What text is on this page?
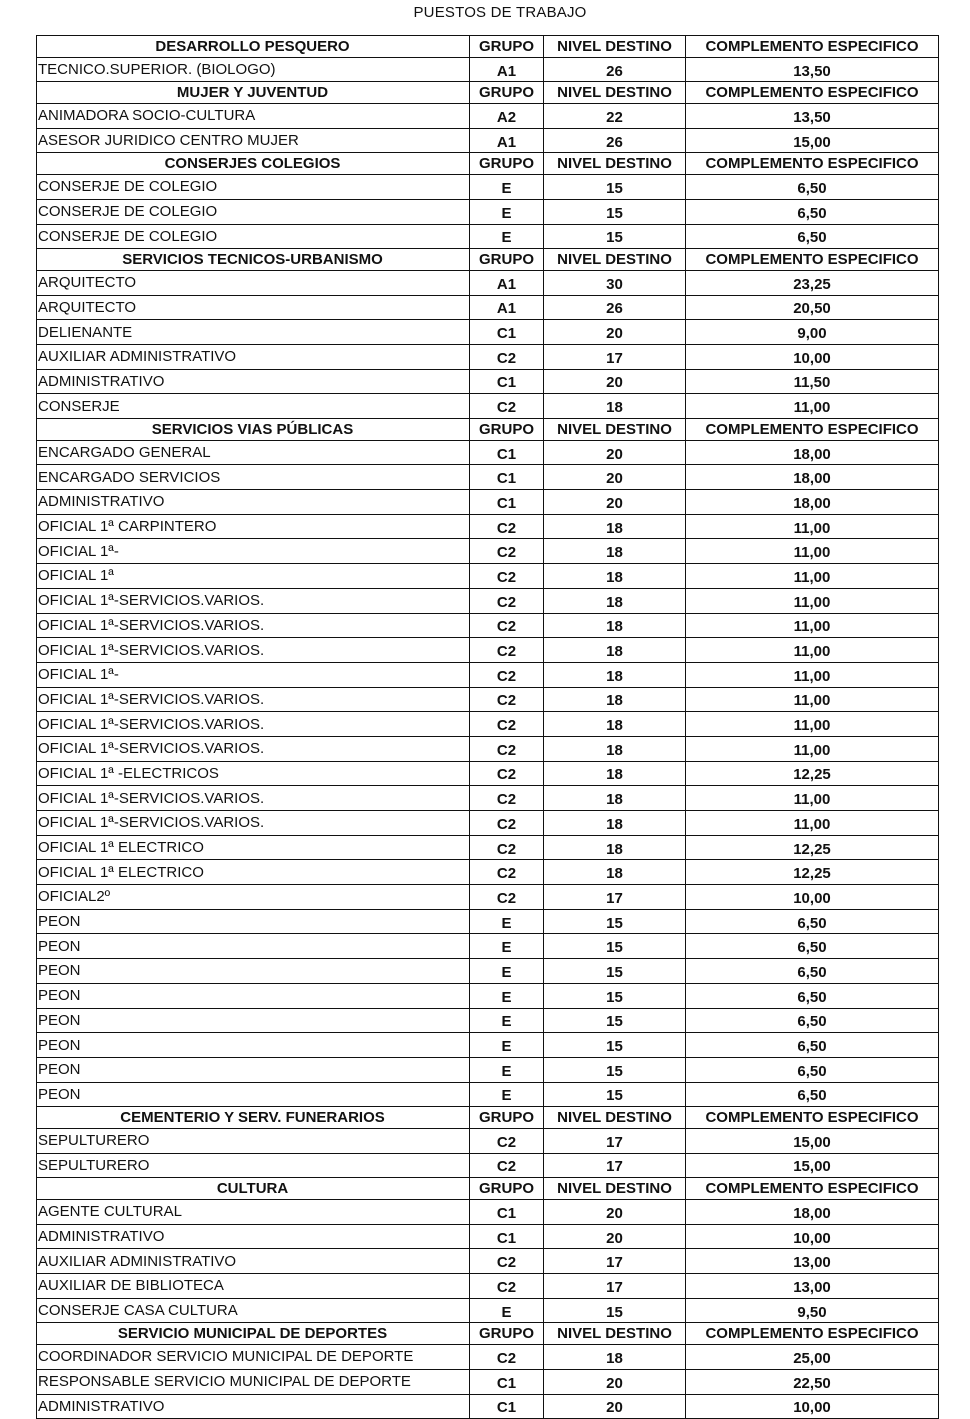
PUESTOS DE TRABAJO
DESARROLLO PESQUERO	GRUPO	NIVEL DESTINO	COMPLEMENTO ESPECIFICO
TECNICO.SUPERIOR. (BIOLOGO)	A1	26	13,50
MUJER Y JUVENTUD	GRUPO	NIVEL DESTINO	COMPLEMENTO ESPECIFICO
ANIMADORA SOCIO-CULTURA	A2	22	13,50
ASESOR JURIDICO CENTRO MUJER	A1	26	15,00
CONSERJES COLEGIOS	GRUPO	NIVEL DESTINO	COMPLEMENTO ESPECIFICO
CONSERJE DE COLEGIO	E	15	6,50
CONSERJE DE COLEGIO	E	15	6,50
CONSERJE DE COLEGIO	E	15	6,50
SERVICIOS TECNICOS-URBANISMO	GRUPO	NIVEL DESTINO	COMPLEMENTO ESPECIFICO
ARQUITECTO	A1	30	23,25
ARQUITECTO	A1	26	20,50
DELIENANTE	C1	20	9,00
AUXILIAR ADMINISTRATIVO	C2	17	10,00
ADMINISTRATIVO	C1	20	11,50
CONSERJE	C2	18	11,00
SERVICIOS VIAS PÚBLICAS	GRUPO	NIVEL DESTINO	COMPLEMENTO ESPECIFICO
ENCARGADO GENERAL	C1	20	18,00
ENCARGADO SERVICIOS	C1	20	18,00
ADMINISTRATIVO	C1	20	18,00
OFICIAL 1ª CARPINTERO	C2	18	11,00
OFICIAL 1ª-	C2	18	11,00
OFICIAL 1ª	C2	18	11,00
OFICIAL 1ª-SERVICIOS.VARIOS.	C2	18	11,00
OFICIAL 1ª-SERVICIOS.VARIOS.	C2	18	11,00
OFICIAL 1ª-SERVICIOS.VARIOS.	C2	18	11,00
OFICIAL 1ª-	C2	18	11,00
OFICIAL 1ª-SERVICIOS.VARIOS.	C2	18	11,00
OFICIAL 1ª-SERVICIOS.VARIOS.	C2	18	11,00
OFICIAL 1ª-SERVICIOS.VARIOS.	C2	18	11,00
OFICIAL 1ª -ELECTRICOS	C2	18	12,25
OFICIAL 1ª-SERVICIOS.VARIOS.	C2	18	11,00
OFICIAL 1ª-SERVICIOS.VARIOS.	C2	18	11,00
OFICIAL 1ª ELECTRICO	C2	18	12,25
OFICIAL 1ª ELECTRICO	C2	18	12,25
OFICIAL2º	C2	17	10,00
PEON	E	15	6,50
PEON	E	15	6,50
PEON	E	15	6,50
PEON	E	15	6,50
PEON	E	15	6,50
PEON	E	15	6,50
PEON	E	15	6,50
PEON	E	15	6,50
CEMENTERIO Y SERV. FUNERARIOS	GRUPO	NIVEL DESTINO	COMPLEMENTO ESPECIFICO
SEPULTURERO	C2	17	15,00
SEPULTURERO	C2	17	15,00
CULTURA	GRUPO	NIVEL DESTINO	COMPLEMENTO ESPECIFICO
AGENTE CULTURAL	C1	20	18,00
ADMINISTRATIVO	C1	20	10,00
AUXILIAR ADMINISTRATIVO	C2	17	13,00
AUXILIAR DE BIBLIOTECA	C2	17	13,00
CONSERJE CASA CULTURA	E	15	9,50
SERVICIO MUNICIPAL DE DEPORTES	GRUPO	NIVEL DESTINO	COMPLEMENTO ESPECIFICO
COORDINADOR SERVICIO MUNICIPAL DE DEPORTE	C2	18	25,00
RESPONSABLE SERVICIO MUNICIPAL DE DEPORTE	C1	20	22,50
ADMINISTRATIVO	C1	20	10,00
